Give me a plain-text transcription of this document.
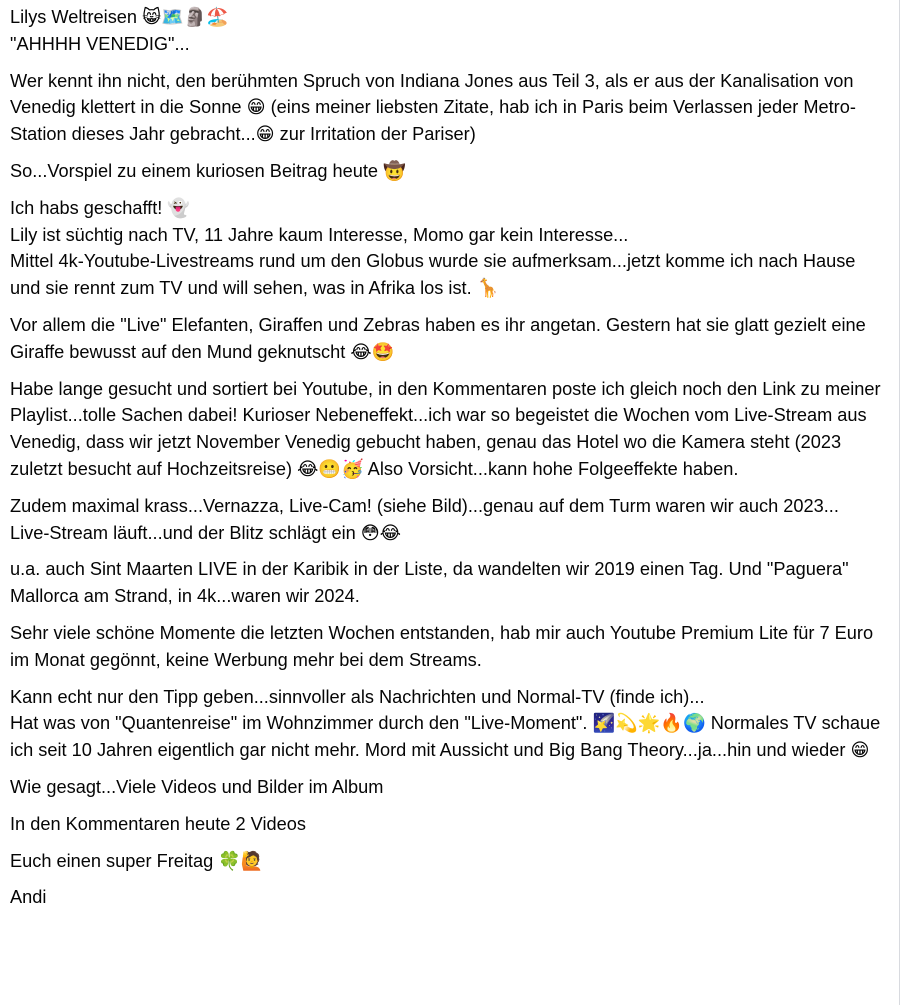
Lilys Weltreisen 😸🗺️🗿🏖️
"AHHHH VENEDIG"...
Wer kennt ihn nicht, den berühmten Spruch von Indiana Jones aus Teil 3, als er aus der Kanalisation von Venedig klettert in die Sonne 😁 (eins meiner liebsten Zitate, hab ich in Paris beim Verlassen jeder Metro-Station dieses Jahr gebracht...😁 zur Irritation der Pariser)
So...Vorspiel zu einem kuriosen Beitrag heute 🤠
Ich habs geschafft! 👻
Lily ist süchtig nach TV, 11 Jahre kaum Interesse, Momo gar kein Interesse...
Mittel 4k-Youtube-Livestreams rund um den Globus wurde sie aufmerksam...jetzt komme ich nach Hause und sie rennt zum TV und will sehen, was in Afrika los ist. 🦒
Vor allem die "Live" Elefanten, Giraffen und Zebras haben es ihr angetan. Gestern hat sie glatt gezielt eine Giraffe bewusst auf den Mund geknutscht 😂🤩
Habe lange gesucht und sortiert bei Youtube, in den Kommentaren poste ich gleich noch den Link zu meiner Playlist...tolle Sachen dabei! Kurioser Nebeneffekt...ich war so begeistet die Wochen vom Live-Stream aus Venedig, dass wir jetzt November Venedig gebucht haben, genau das Hotel wo die Kamera steht (2023 zuletzt besucht auf Hochzeitsreise) 😂😬🥳 Also Vorsicht...kann hohe Folgeeffekte haben.
Zudem maximal krass...Vernazza, Live-Cam! (siehe Bild)...genau auf dem Turm waren wir auch 2023...
Live-Stream läuft...und der Blitz schlägt ein 😳😂
u.a. auch Sint Maarten LIVE in der Karibik in der Liste, da wandelten wir 2019 einen Tag. Und "Paguera" Mallorca am Strand, in 4k...waren wir 2024.
Sehr viele schöne Momente die letzten Wochen entstanden, hab mir auch Youtube Premium Lite für 7 Euro im Monat gegönnt, keine Werbung mehr bei dem Streams.
Kann echt nur den Tipp geben...sinnvoller als Nachrichten und Normal-TV (finde ich)...
Hat was von "Quantenreise" im Wohnzimmer durch den "Live-Moment". 🌠💫🌟🔥🌍 Normales TV schaue ich seit 10 Jahren eigentlich gar nicht mehr. Mord mit Aussicht und Big Bang Theory...ja...hin und wieder 😁
Wie gesagt...Viele Videos und Bilder im Album
In den Kommentaren heute 2 Videos
Euch einen super Freitag 🍀🙋
Andi
